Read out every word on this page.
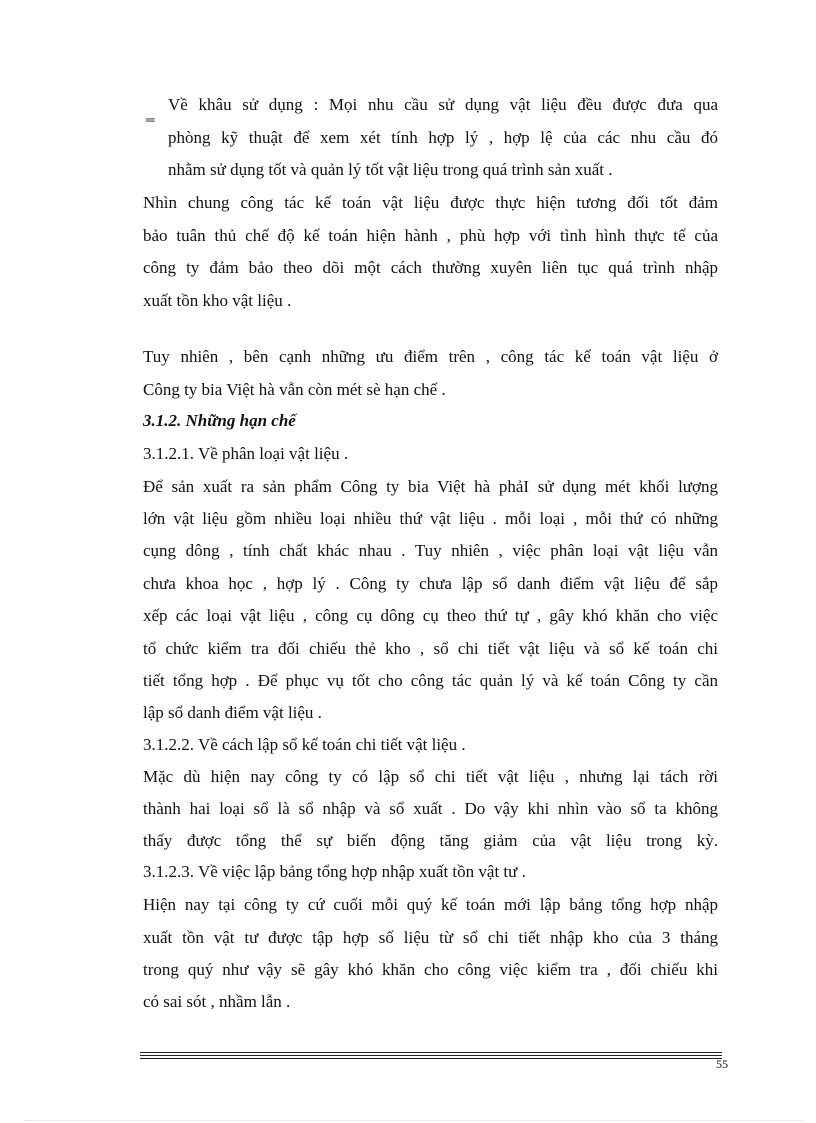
‗ Về khâu sử dụng : Mọi nhu cầu sử dụng vật liệu đều được đưa qua
phòng kỹ thuật để xem xét tính hợp lý , hợp lệ của các nhu cầu đó
nhằm sử dụng tốt và quản lý tốt vật liệu trong quá trình sản xuất .
Nhìn chung công tác kế toán vật liệu được thực hiện tương đối tốt đảm
bảo tuân thủ chế độ kế toán hiện hành , phù hợp với tình hình thực tế của
công ty đảm bảo theo dõi một cách thường xuyên liên tục quá trình nhập
xuất tồn kho vật liệu .
Tuy nhiên , bên cạnh những ưu điểm trên , công tác kế toán vật liệu ở
Công ty bia Việt hà vẫn còn mét sè hạn chế .
3.1.2. Những hạn chế
3.1.2.1. Về phân loại vật liệu .
Để sản xuất ra sản phẩm Công ty bia Việt hà phảI sử dụng mét khối lượng
lớn vật liệu gồm nhiều loại nhiều thứ vật liệu . mỗi loại , mỗi thứ có những
cụng dông , tính chất khác nhau . Tuy nhiên , việc phân loại vật liệu vẫn
chưa khoa học , hợp lý . Công ty chưa lập sổ danh điểm vật liệu để sắp
xếp các loại vật liệu , công cụ dông cụ theo thứ tự , gây khó khăn cho việc
tổ chức kiểm tra đối chiếu thẻ kho , sổ chi tiết vật liệu và sổ kế toán chi
tiết tổng hợp . Để phục vụ tốt cho công tác quản lý và kế toán Công ty cần
lập sổ danh điểm vật liệu .
3.1.2.2. Về cách lập sổ kế toán chi tiết vật liệu .
Mặc dù hiện nay công ty có lập sổ chi tiết vật liệu , nhưng lại tách rời
thành hai loại sổ là sổ nhập và sổ xuất . Do vậy khi nhìn vào sổ ta không
thấy được tổng thể sự biến động tăng giảm của vật liệu trong kỳ.
3.1.2.3. Về việc lập bảng tổng hợp nhập xuất tồn vật tư .
Hiện nay tại công ty cứ cuối mỗi quý kế toán mới lập bảng tổng hợp nhập
xuất tồn vật tư được tập hợp số liệu từ sổ chi tiết nhập kho của 3 tháng
trong quý như vậy sẽ gây khó khăn cho công việc kiểm tra , đối chiếu khi
có sai sót , nhầm lẫn .
55
